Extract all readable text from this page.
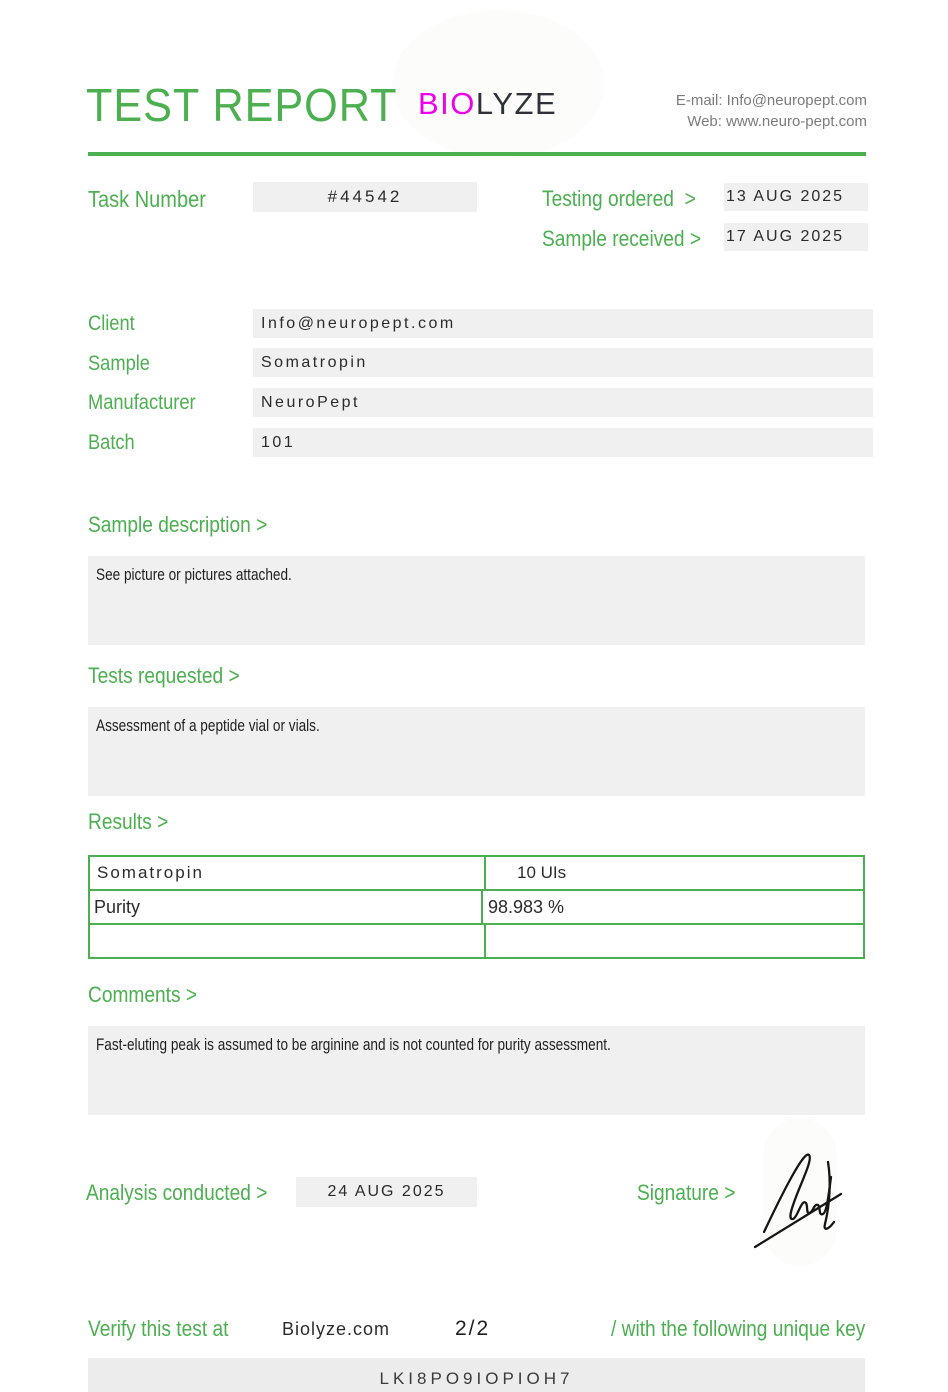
TEST REPORT BIOLYZE	E-mail: Info@neuropept.com
Web: www.neuro-pept.com
Task Number	#44542	Testing ordered  > 13 AUG 2025
Sample received > 17 AUG 2025
Client	Info@neuropept.com
Sample	Somatropin
Manufacturer	NeuroPept
Batch	101
Sample description >
See picture or pictures attached.
Tests requested >
Assessment of a peptide vial or vials.
Results >
Somatropin	10 UIs
Purity	98.983 %
Comments >
Fast-eluting peak is assumed to be arginine and is not counted for purity assessment.
Analysis conducted >	24 AUG 2025	Signature >
Verify this test at	Biolyze.com	2/2	/ with the following unique key
LKI8PO9IOPIOH7
